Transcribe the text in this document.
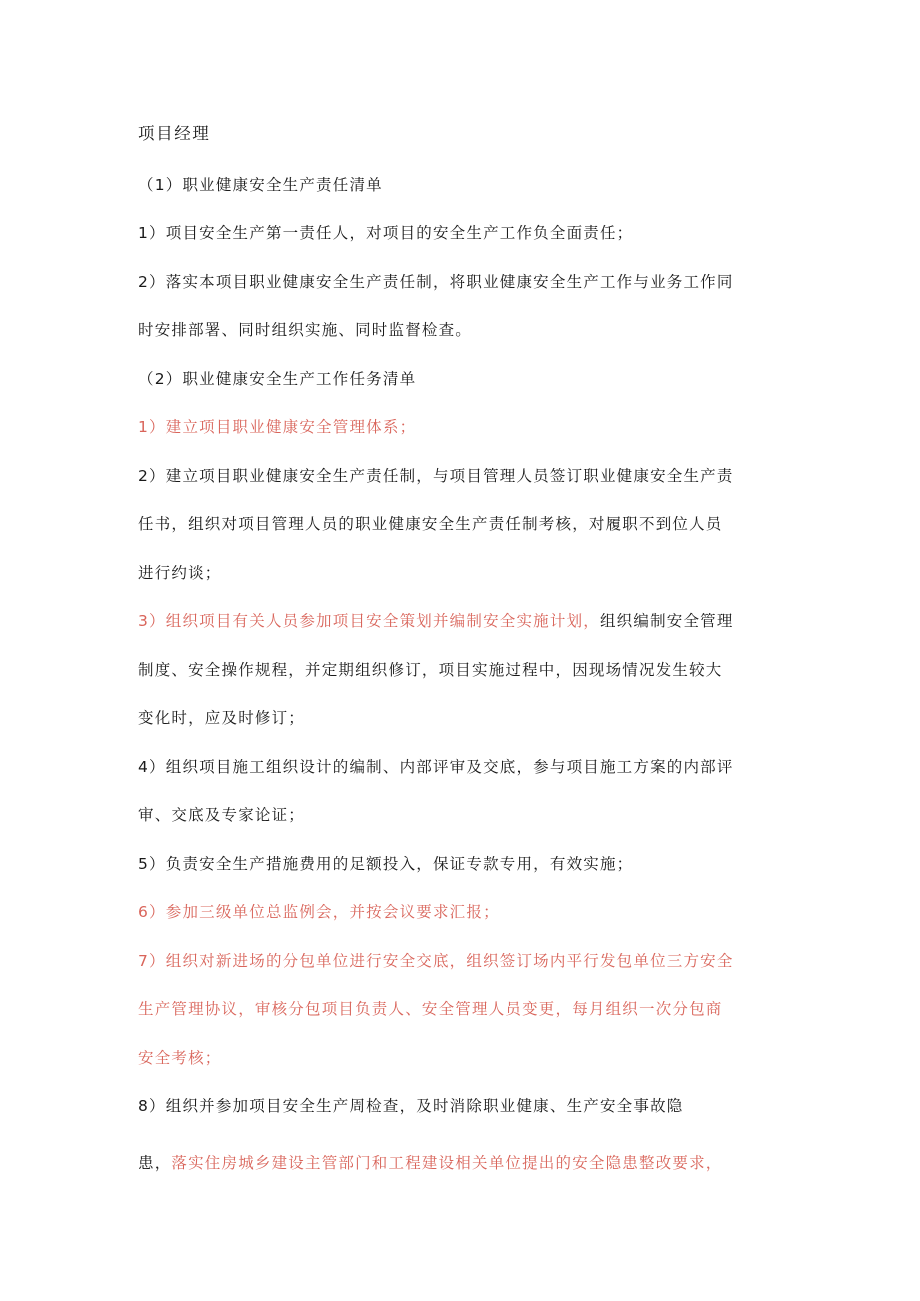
项目经理
（1）职业健康安全生产责任清单
1）项目安全生产第一责任人，对项目的安全生产工作负全面责任；
2）落实本项目职业健康安全生产责任制，将职业健康安全生产工作与业务工作同
时安排部署、同时组织实施、同时监督检查。
（2）职业健康安全生产工作任务清单
1）建立项目职业健康安全管理体系；
2）建立项目职业健康安全生产责任制，与项目管理人员签订职业健康安全生产责
任书，组织对项目管理人员的职业健康安全生产责任制考核，对履职不到位人员
进行约谈；
3）组织项目有关人员参加项目安全策划并编制安全实施计划，组织编制安全管理
制度、安全操作规程，并定期组织修订，项目实施过程中，因现场情况发生较大
变化时，应及时修订；
4）组织项目施工组织设计的编制、内部评审及交底，参与项目施工方案的内部评
审、交底及专家论证；
5）负责安全生产措施费用的足额投入，保证专款专用，有效实施；
6）参加三级单位总监例会，并按会议要求汇报；
7）组织对新进场的分包单位进行安全交底，组织签订场内平行发包单位三方安全
生产管理协议，审核分包项目负责人、安全管理人员变更，每月组织一次分包商
安全考核；
8）组织并参加项目安全生产周检查，及时消除职业健康、生产安全事故隐
患，落实住房城乡建设主管部门和工程建设相关单位提出的安全隐患整改要求，
